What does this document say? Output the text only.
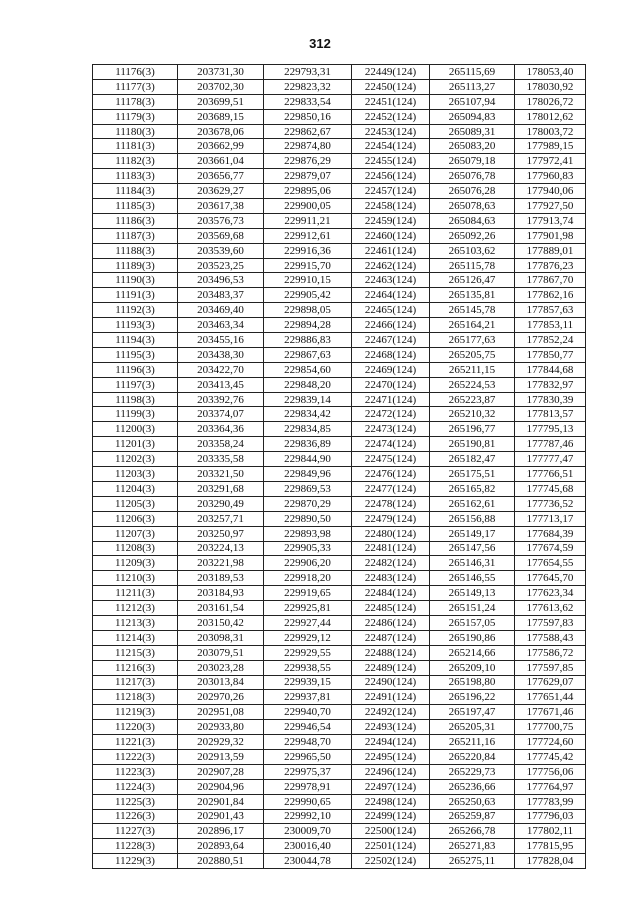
312
11176(3)	203731,30	229793,31	22449(124)	265115,69	178053,40
11177(3)	203702,30	229823,32	22450(124)	265113,27	178030,92
11178(3)	203699,51	229833,54	22451(124)	265107,94	178026,72
11179(3)	203689,15	229850,16	22452(124)	265094,83	178012,62
11180(3)	203678,06	229862,67	22453(124)	265089,31	178003,72
11181(3)	203662,99	229874,80	22454(124)	265083,20	177989,15
11182(3)	203661,04	229876,29	22455(124)	265079,18	177972,41
11183(3)	203656,77	229879,07	22456(124)	265076,78	177960,83
11184(3)	203629,27	229895,06	22457(124)	265076,28	177940,06
11185(3)	203617,38	229900,05	22458(124)	265078,63	177927,50
11186(3)	203576,73	229911,21	22459(124)	265084,63	177913,74
11187(3)	203569,68	229912,61	22460(124)	265092,26	177901,98
11188(3)	203539,60	229916,36	22461(124)	265103,62	177889,01
11189(3)	203523,25	229915,70	22462(124)	265115,78	177876,23
11190(3)	203496,53	229910,15	22463(124)	265126,47	177867,70
11191(3)	203483,37	229905,42	22464(124)	265135,81	177862,16
11192(3)	203469,40	229898,05	22465(124)	265145,78	177857,63
11193(3)	203463,34	229894,28	22466(124)	265164,21	177853,11
11194(3)	203455,16	229886,83	22467(124)	265177,63	177852,24
11195(3)	203438,30	229867,63	22468(124)	265205,75	177850,77
11196(3)	203422,70	229854,60	22469(124)	265211,15	177844,68
11197(3)	203413,45	229848,20	22470(124)	265224,53	177832,97
11198(3)	203392,76	229839,14	22471(124)	265223,87	177830,39
11199(3)	203374,07	229834,42	22472(124)	265210,32	177813,57
11200(3)	203364,36	229834,85	22473(124)	265196,77	177795,13
11201(3)	203358,24	229836,89	22474(124)	265190,81	177787,46
11202(3)	203335,58	229844,90	22475(124)	265182,47	177777,47
11203(3)	203321,50	229849,96	22476(124)	265175,51	177766,51
11204(3)	203291,68	229869,53	22477(124)	265165,82	177745,68
11205(3)	203290,49	229870,29	22478(124)	265162,61	177736,52
11206(3)	203257,71	229890,50	22479(124)	265156,88	177713,17
11207(3)	203250,97	229893,98	22480(124)	265149,17	177684,39
11208(3)	203224,13	229905,33	22481(124)	265147,56	177674,59
11209(3)	203221,98	229906,20	22482(124)	265146,31	177654,55
11210(3)	203189,53	229918,20	22483(124)	265146,55	177645,70
11211(3)	203184,93	229919,65	22484(124)	265149,13	177623,34
11212(3)	203161,54	229925,81	22485(124)	265151,24	177613,62
11213(3)	203150,42	229927,44	22486(124)	265157,05	177597,83
11214(3)	203098,31	229929,12	22487(124)	265190,86	177588,43
11215(3)	203079,51	229929,55	22488(124)	265214,66	177586,72
11216(3)	203023,28	229938,55	22489(124)	265209,10	177597,85
11217(3)	203013,84	229939,15	22490(124)	265198,80	177629,07
11218(3)	202970,26	229937,81	22491(124)	265196,22	177651,44
11219(3)	202951,08	229940,70	22492(124)	265197,47	177671,46
11220(3)	202933,80	229946,54	22493(124)	265205,31	177700,75
11221(3)	202929,32	229948,70	22494(124)	265211,16	177724,60
11222(3)	202913,59	229965,50	22495(124)	265220,84	177745,42
11223(3)	202907,28	229975,37	22496(124)	265229,73	177756,06
11224(3)	202904,96	229978,91	22497(124)	265236,66	177764,97
11225(3)	202901,84	229990,65	22498(124)	265250,63	177783,99
11226(3)	202901,43	229992,10	22499(124)	265259,87	177796,03
11227(3)	202896,17	230009,70	22500(124)	265266,78	177802,11
11228(3)	202893,64	230016,40	22501(124)	265271,83	177815,95
11229(3)	202880,51	230044,78	22502(124)	265275,11	177828,04
